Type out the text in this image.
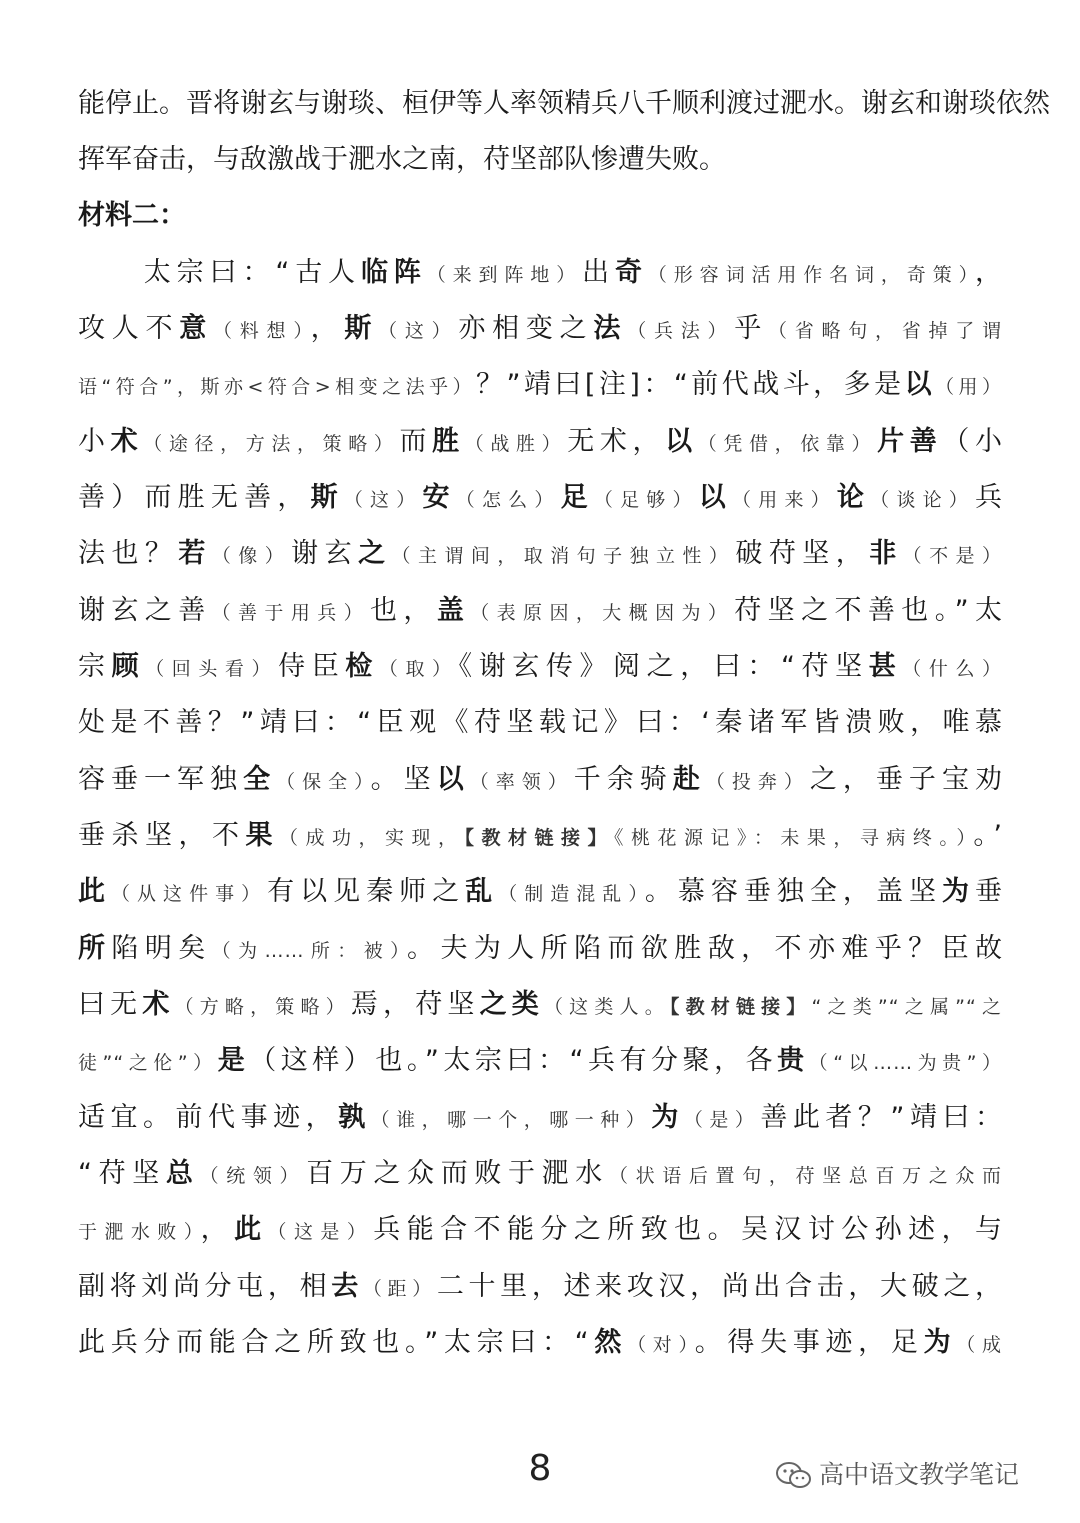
能停止。晋将谢玄与谢琰、桓伊等人率领精兵八千顺利渡过淝水。谢玄和谢琰依然
挥军奋击，与敌激战于淝水之南，苻坚部队惨遭失败。
材料二：
　　太宗曰：“古人临阵（来到阵地）出奇（形容词活用作名词，奇策），
攻人不意（料想），斯（这）亦相变之法（兵法）乎（省略句，省掉了谓
语“符合”，斯亦<符合>相变之法乎）？”靖曰[注]：“前代战斗，多是以（用）
小术（途径，方法，策略）而胜（战胜）无术，以（凭借，依靠）片善（小
善）而胜无善，斯（这）安（怎么）足（足够）以（用来）论（谈论）兵
法也？若（像）谢玄之（主谓间，取消句子独立性）破苻坚，非（不是）
谢玄之善（善于用兵）也，盖（表原因，大概因为）苻坚之不善也。”太
宗顾（回头看）侍臣检（取）《谢玄传》阅之，曰：“苻坚甚（什么）
处是不善？”靖曰：“臣观《苻坚载记》曰：‘秦诸军皆溃败，唯慕
容垂一军独全（保全）。坚以（率领）千余骑赴（投奔）之，垂子宝劝
垂杀坚，不果（成功，实现，【教材链接】《桃花源记》：未果，寻病终。）。’
此（从这件事）有以见秦师之乱（制造混乱）。慕容垂独全，盖坚为垂
所陷明矣（为……所：被）。夫为人所陷而欲胜敌，不亦难乎？臣故
曰无术（方略，策略）焉，苻坚之类（这类人。【教材链接】“之类”“之属”“之
徒”“之伦”）是（这样）也。”太宗曰：“兵有分聚，各贵（“以……为贵”）
适宜。前代事迹，孰（谁，哪一个，哪一种）为（是）善此者？”靖曰：
“苻坚总（统领）百万之众而败于淝水（状语后置句，苻坚总百万之众而
于淝水败），此（这是）兵能合不能分之所致也。吴汉讨公孙述，与
副将刘尚分屯，相去（距）二十里，述来攻汉，尚出合击，大破之，
此兵分而能合之所致也。”太宗曰：“然（对）。得失事迹，足为（成
8	高中语文教学笔记
